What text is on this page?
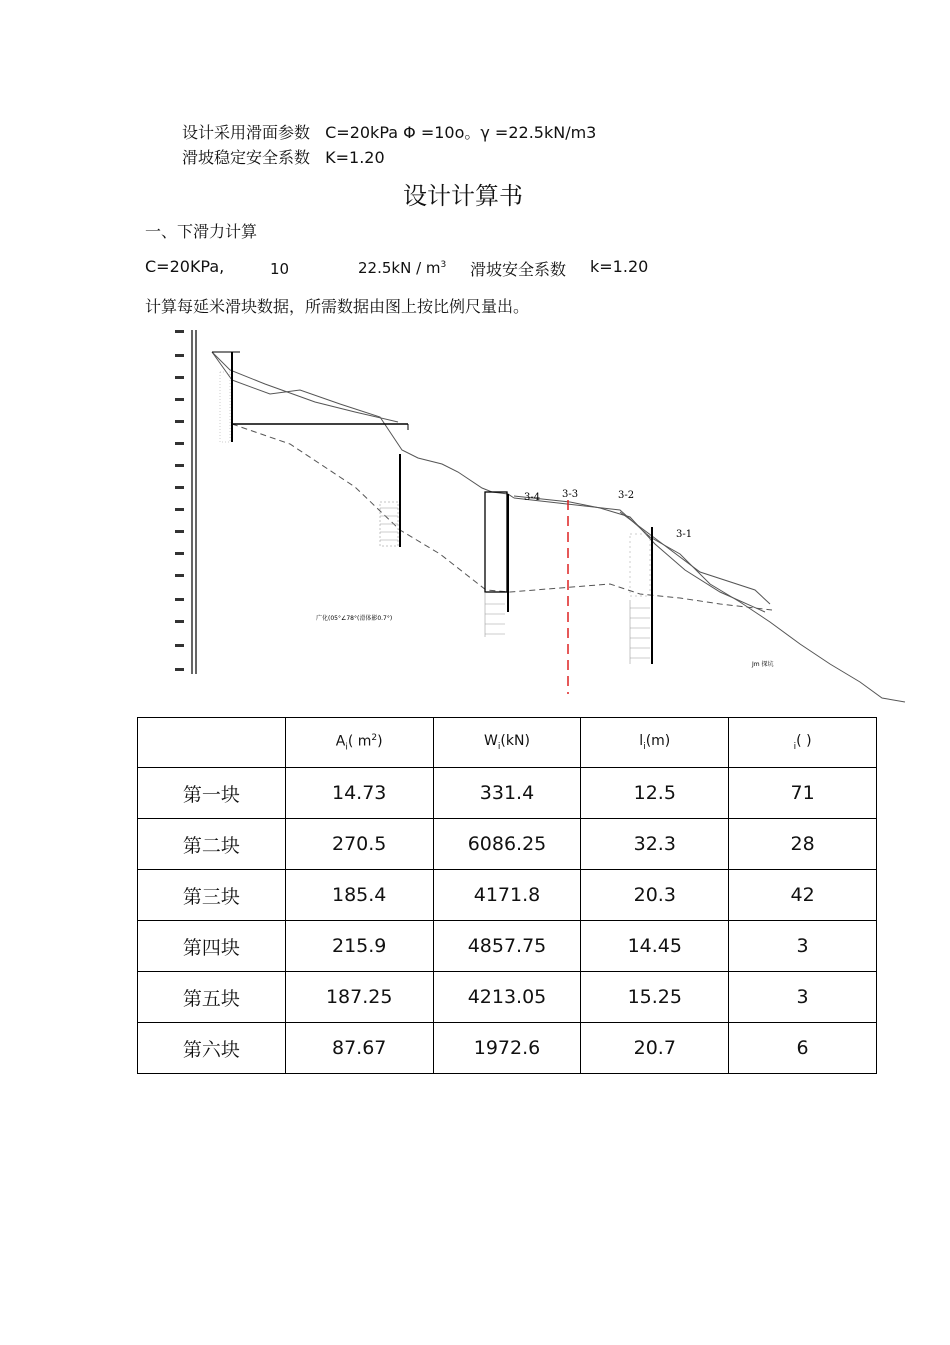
设计采用滑面参数 C=20kPa Φ =10o。γ =22.5kN/m3
滑坡稳定安全系数 K=1.20
设计计算书
一、下滑力计算
C=20KPa,	10	$22.5kN / m^3$ 滑坡安全系数 k=1.20
计算每延米滑块数据，所需数据由图上按比例尺量出。
3-4 3-3	3-2
3-1
广化(05°∠78°(滑体影0.7°)
Jm 探坑
	$A_i$( $m^2$)	$W_i(kN)$	$l_i(m)$	$_i$( )
第一块	14.73	331.4	12.5	71
第二块	270.5	6086.25	32.3	28
第三块	185.4	4171.8	20.3	42
第四块	215.9	4857.75	14.45	3
第五块	187.25	4213.05	15.25	3
第六块	87.67	1972.6	20.7	6
